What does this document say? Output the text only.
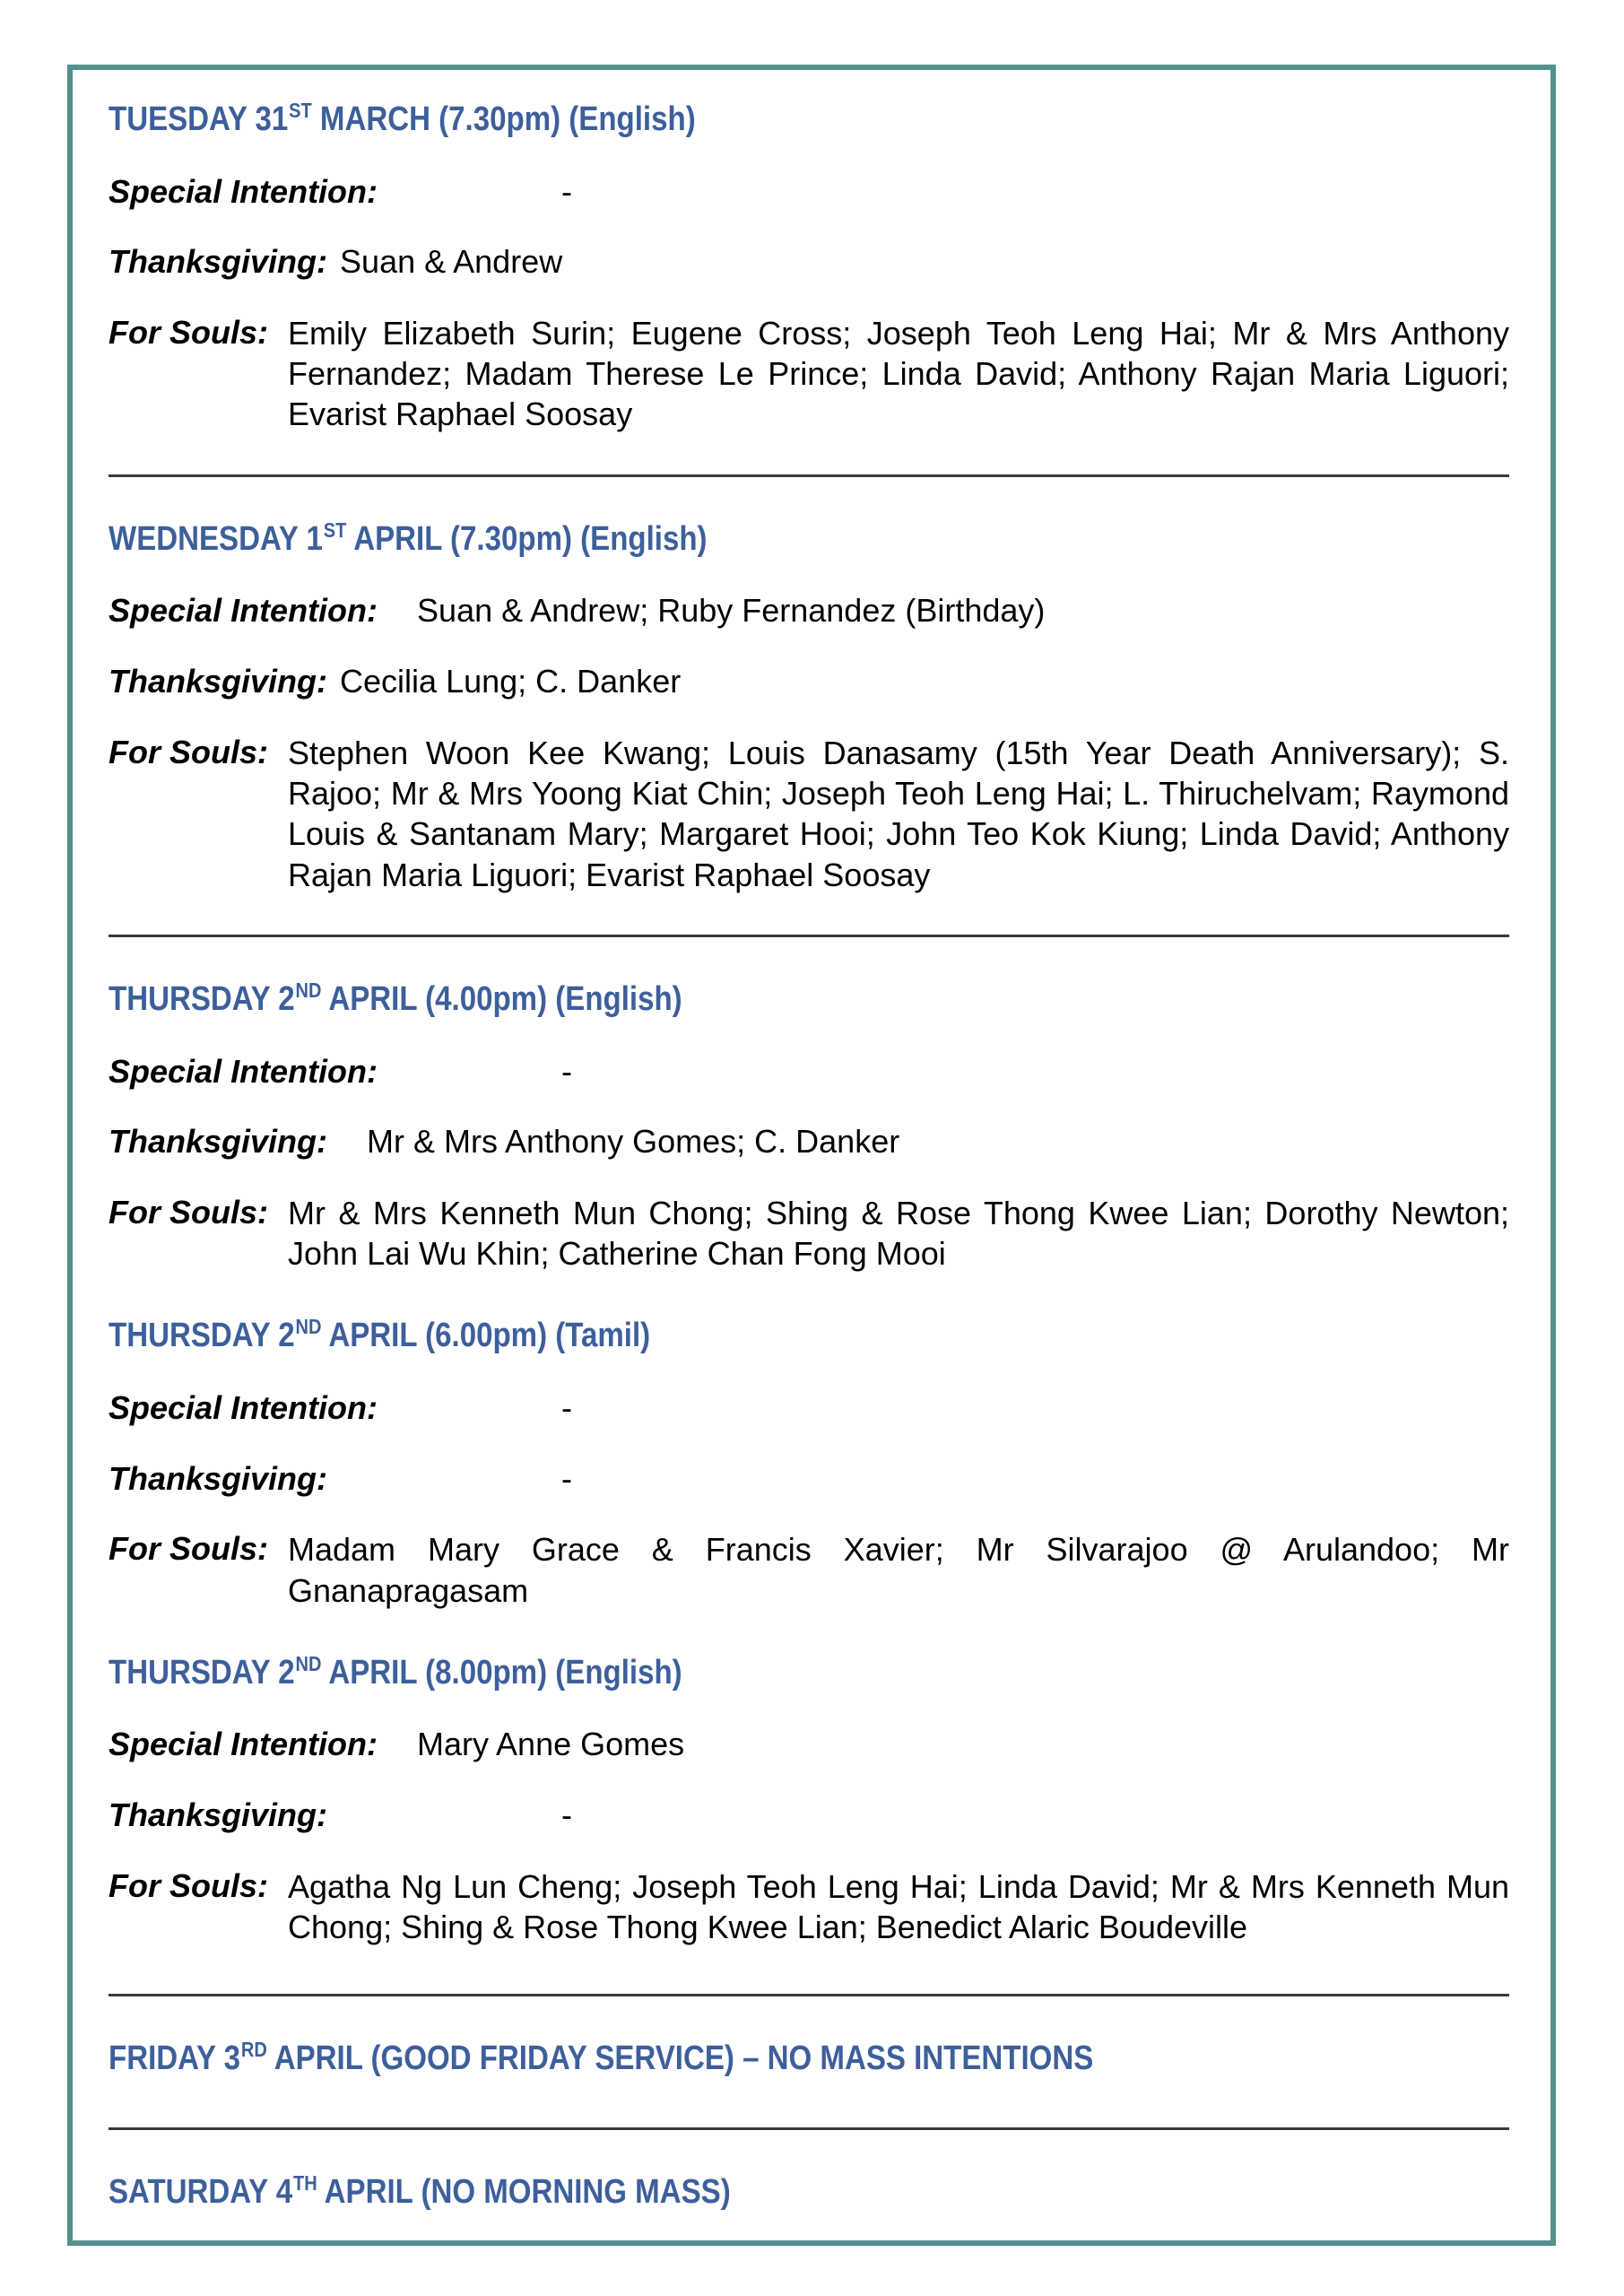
TUESDAY 31ST MARCH (7.30pm) (English)

Special Intention:	-

Thanksgiving: Suan & Andrew

For Souls: Emily Elizabeth Surin; Eugene Cross; Joseph Teoh Leng Hai; Mr & Mrs Anthony Fernandez; Madam Therese Le Prince; Linda David; Anthony Rajan Maria Liguori; Evarist Raphael Soosay
WEDNESDAY 1ST APRIL (7.30pm) (English)

Special Intention: Suan & Andrew; Ruby Fernandez (Birthday)

Thanksgiving: Cecilia Lung; C. Danker

For Souls: Stephen Woon Kee Kwang; Louis Danasamy (15th Year Death Anniversary); S. Rajoo; Mr & Mrs Yoong Kiat Chin; Joseph Teoh Leng Hai; L. Thiruchelvam; Raymond Louis & Santanam Mary; Margaret Hooi; John Teo Kok Kiung; Linda David; Anthony Rajan Maria Liguori; Evarist Raphael Soosay
THURSDAY 2ND APRIL (4.00pm) (English)

Special Intention:	-

Thanksgiving: Mr & Mrs Anthony Gomes; C. Danker

For Souls: Mr & Mrs Kenneth Mun Chong; Shing & Rose Thong Kwee Lian; Dorothy Newton; John Lai Wu Khin; Catherine Chan Fong Mooi
THURSDAY 2ND APRIL (6.00pm) (Tamil)

Special Intention:	-

Thanksgiving:	-

For Souls: Madam Mary Grace & Francis Xavier; Mr Silvarajoo @ Arulandoo; Mr Gnanapragasam
THURSDAY 2ND APRIL (8.00pm) (English)

Special Intention: Mary Anne Gomes

Thanksgiving:	-

For Souls: Agatha Ng Lun Cheng; Joseph Teoh Leng Hai; Linda David; Mr & Mrs Kenneth Mun Chong; Shing & Rose Thong Kwee Lian; Benedict Alaric Boudeville
FRIDAY 3RD APRIL (GOOD FRIDAY SERVICE) – NO MASS INTENTIONS
SATURDAY 4TH APRIL (NO MORNING MASS)
